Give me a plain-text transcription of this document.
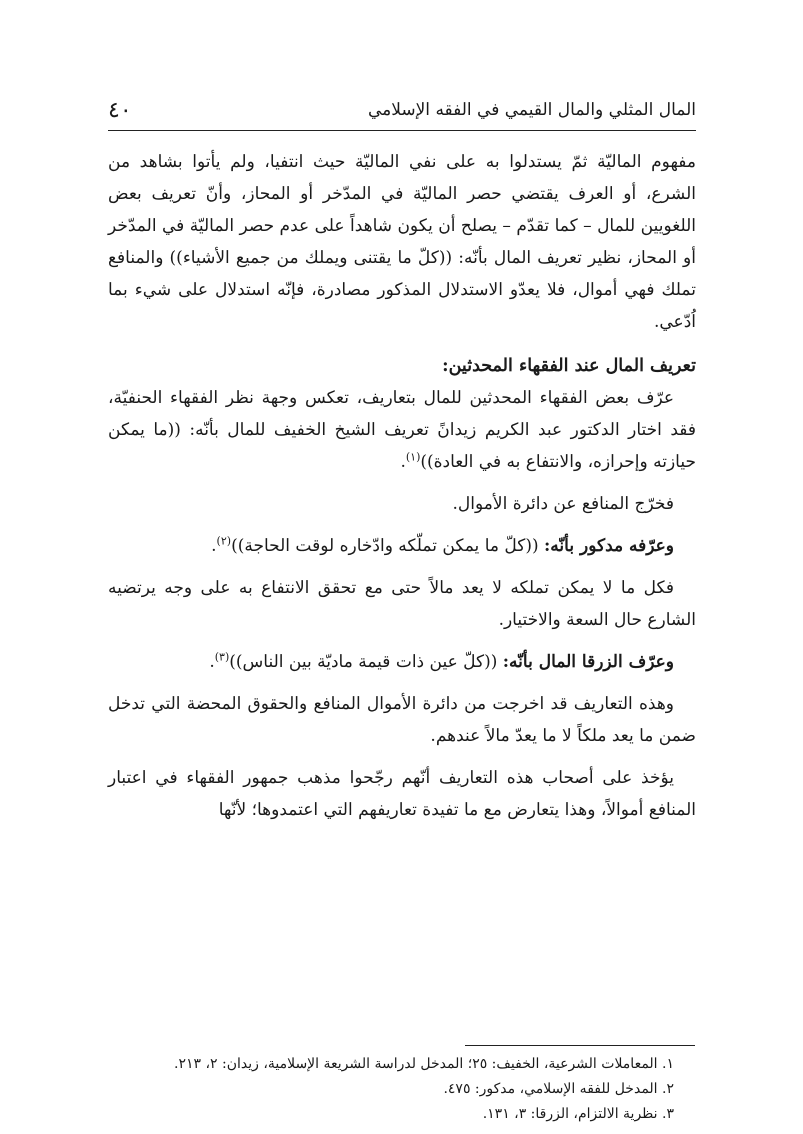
المال المثلي والمال القيمي في الفقه الإسلامي
٤٠

مفهوم الماليّة ثمّ يستدلوا به على نفي الماليّة حيث انتفيا، ولم يأتوا بشاهد من الشرع، أو العرف يقتضي حصر الماليّة في المدّخر أو المحاز، وأنّ تعريف بعض اللغويين للمال – كما تقدّم – يصلح أن يكون شاهداً على عدم حصر الماليّة في المدّخر أو المحاز، نظير تعريف المال بأنّه: ((كلّ ما يقتنى ويملك من جميع الأشياء)) والمنافع تملك فهي أموال، فلا يعدّو الاستدلال المذكور مصادرة، فإنّه استدلال على شيء بما اُدّعي.

تعريف المال عند الفقهاء المحدثين:

عرّف بعض الفقهاء المحدثين للمال بتعاريف، تعكس وجهة نظر الفقهاء الحنفيّة، فقد اختار الدكتور عبد الكريم زيدانً تعريف الشيخ الخفيف للمال بأنّه: ((ما يمكن حيازته وإحرازه، والانتفاع به في العادة))$^{(١)}$.

فخرّج المنافع عن دائرة الأموال.

وعرّفه مدكور بأنّه: ((كلّ ما يمكن تملّكه وادّخاره لوقت الحاجة))$^{(٢)}$.

فكل ما لا يمكن تملكه لا يعد مالاً حتى مع تحقق الانتفاع به على وجه يرتضيه الشارع حال السعة والاختيار.

وعرّف الزرقا المال بأنّه: ((كلّ عين ذات قيمة ماديّة بين الناس))$^{(٣)}$.

وهذه التعاريف قد اخرجت من دائرة الأموال المنافع والحقوق المحضة التي تدخل ضمن ما يعد ملكاً لا ما يعدّ مالاً عندهم.

يؤخذ على أصحاب هذه التعاريف أنّهم رجّحوا مذهب جمهور الفقهاء في اعتبار المنافع أموالاً، وهذا يتعارض مع ما تفيدة تعاريفهم التي اعتمدوها؛ لأنّها

١. المعاملات الشرعية، الخفيف: ٢٥؛ المدخل لدراسة الشريعة الإسلامية، زيدان: ٢، ٢١٣.

٢. المدخل للفقه الإسلامي، مدكور: ٤٧٥.

٣. نظرية الالتزام، الزرقا: ٣، ١٣١.
